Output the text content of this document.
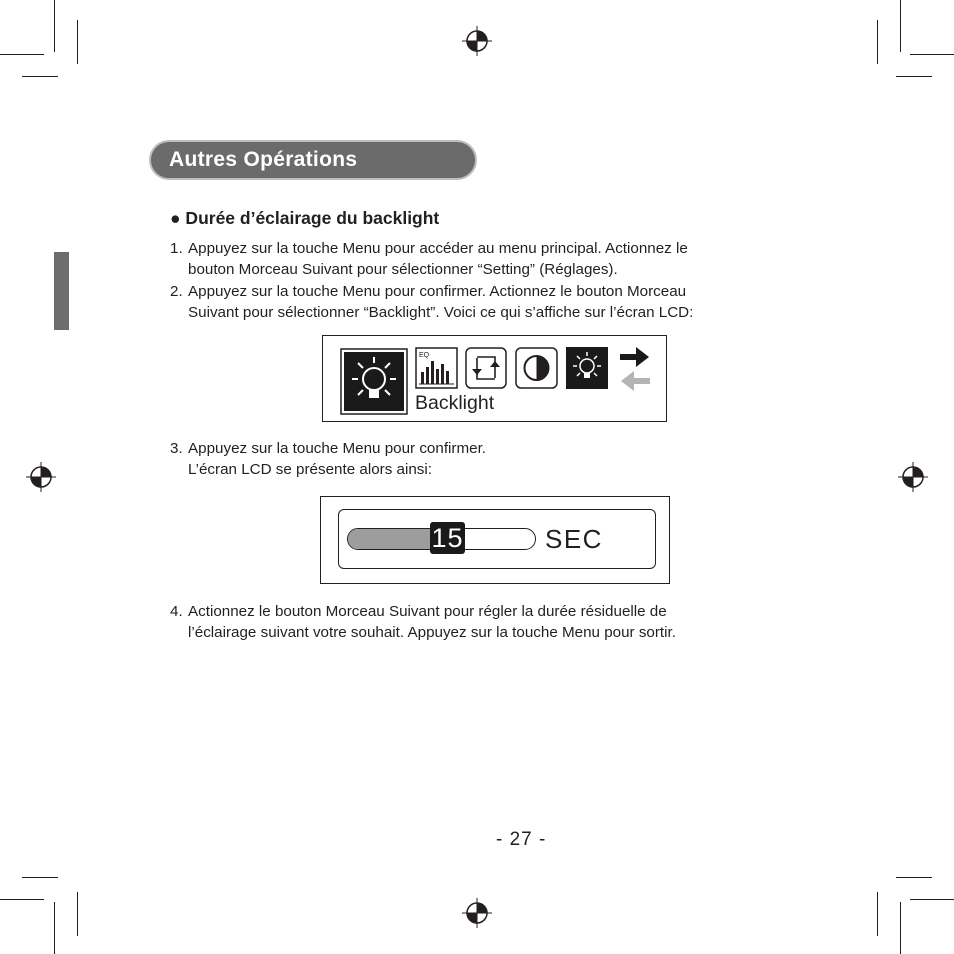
Autres Opérations
● Durée d’éclairage du backlight
1. Appuyez sur la touche Menu pour accéder au menu principal. Actionnez le
bouton Morceau Suivant pour sélectionner “Setting” (Réglages).
2. Appuyez sur la touche Menu pour confirmer. Actionnez le bouton Morceau
Suivant pour sélectionner “Backlight”. Voici ce qui s’affiche sur l’écran LCD:
EQ
Backlight
3. Appuyez sur la touche Menu pour confirmer.
L’écran LCD se présente alors ainsi:
15	SEC
4. Actionnez le bouton Morceau Suivant pour régler la durée résiduelle de
l’éclairage suivant votre souhait. Appuyez sur la touche Menu pour sortir.
- 27 -
